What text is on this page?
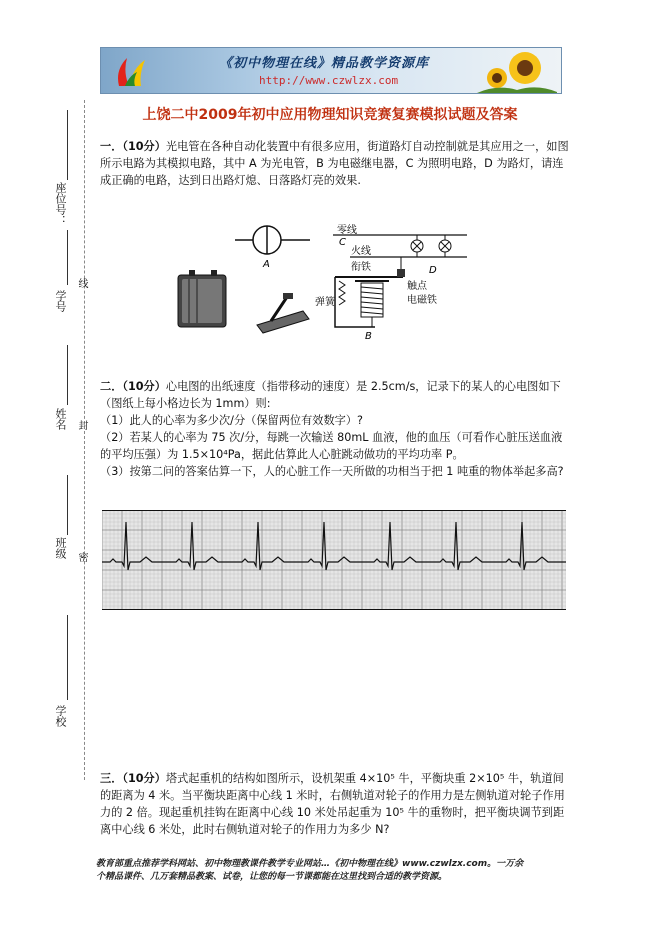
《初中物理在线》精品教学资源库
http://www.czwlzx.com
上饶二中2009年初中应用物理知识竞赛复赛模拟试题及答案
座位号：
学号
线
姓名 封
班级 密
学校

一．（10分）光电管在各种自动化装置中有很多应用，街道路灯自动控制就是其应用之一，如图所示电路为其模拟电路，其中 A 为光电管，B 为电磁继电器，C 为照明电路，D 为路灯，请连成正确的电路，达到日出路灯熄、日落路灯亮的效果.

A
零线
C
火线
D
衔铁
触点
电磁铁
弹簧
B

二．（10分）心电图的出纸速度（指带移动的速度）是 2.5cm/s，记录下的某人的心电图如下（图纸上每小格边长为 1mm）则:

（1）此人的心率为多少次/分（保留两位有效数字）?

（2）若某人的心率为 75 次/分，每跳一次输送 80mL 血液，他的血压（可看作心脏压送血液的平均压强）为 1.5×10⁴Pa，据此估算此人心脏跳动做功的平均功率 P。

（3）按第二问的答案估算一下，人的心脏工作一天所做的功相当于把 1 吨重的物体举起多高?

三．（10分）塔式起重机的结构如图所示，设机架重 4×10⁵ 牛，平衡块重 2×10⁵ 牛，轨道间的距离为 4 米。当平衡块距离中心线 1 米时，右侧轨道对轮子的作用力是左侧轨道对轮子作用力的 2 倍。现起重机挂钩在距离中心线 10 米处吊起重为 10⁵ 牛的重物时，把平衡块调节到距离中心线 6 米处，此时右侧轨道对轮子的作用力为多少 N?

教育部重点推荐学科网站、初中物理教课件教学专业网站…《初中物理在线》www.czwlzx.com。一万余
个精品课件、几万套精品教案、试卷，让您的每一节课都能在这里找到合适的教学资源。
